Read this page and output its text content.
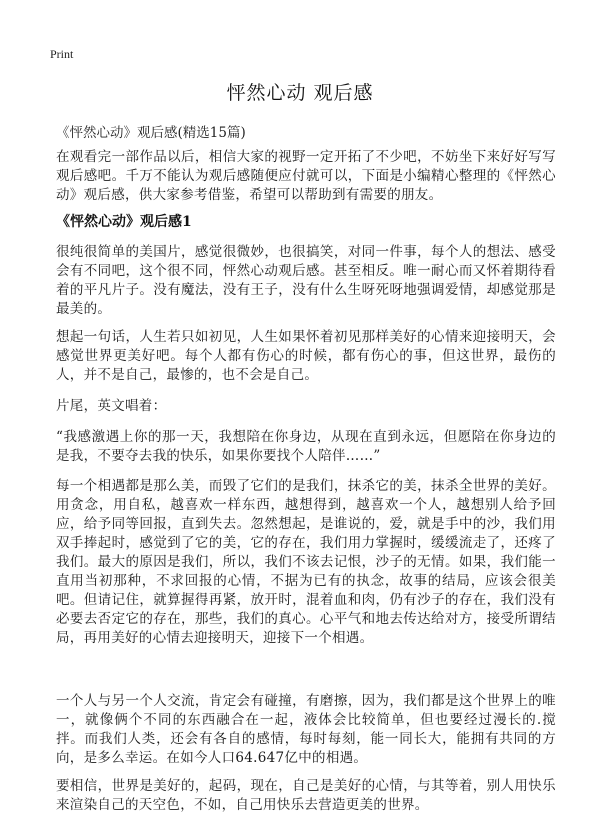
Print
怦然心动 观后感
《怦然心动》观后感(精选15篇)
在观看完一部作品以后，相信大家的视野一定开拓了不少吧，不妨坐下来好好写写观后感吧。千万不能认为观后感随便应付就可以，下面是小编精心整理的《怦然心动》观后感，供大家参考借鉴，希望可以帮助到有需要的朋友。
《怦然心动》观后感1
很纯很简单的美国片，感觉很微妙，也很搞笑，对同一件事，每个人的想法、感受会有不同吧，这个很不同，怦然心动观后感。甚至相反。唯一耐心而又怀着期待看着的平凡片子。没有魔法，没有王子，没有什么生呀死呀地强调爱情，却感觉那是最美的。
想起一句话，人生若只如初见，人生如果怀着初见那样美好的心情来迎接明天，会感觉世界更美好吧。每个人都有伤心的时候，都有伤心的事，但这世界，最伤的人，并不是自己，最惨的，也不会是自己。
片尾，英文唱着：
“我感激遇上你的那一天，我想陪在你身边，从现在直到永远，但愿陪在你身边的是我，不要夺去我的快乐，如果你要找个人陪伴……”
每一个相遇都是那么美，而毁了它们的是我们，抹杀它的美，抹杀全世界的美好。用贪念，用自私，越喜欢一样东西，越想得到，越喜欢一个人，越想别人给予回应，给予同等回报，直到失去。忽然想起，是谁说的，爱，就是手中的沙，我们用双手捧起时，感觉到了它的美，它的存在，我们用力掌握时，缓缓流走了，还疼了我们。最大的原因是我们，所以，我们不该去记恨，沙子的无情。如果，我们能一直用当初那种，不求回报的心情，不据为已有的执念，故事的结局，应该会很美吧。但请记住，就算握得再紧，放开时，混着血和肉，仍有沙子的存在，我们没有必要去否定它的存在，那些，我们的真心。心平气和地去传达给对方，接受所谓结局，再用美好的心情去迎接明天，迎接下一个相遇。
一个人与另一个人交流，肯定会有碰撞，有磨擦，因为，我们都是这个世界上的唯一，就像俩个不同的东西融合在一起，液体会比较简单，但也要经过漫长的.搅拌。而我们人类，还会有各自的感情，每时每刻，能一同长大，能拥有共同的方向，是多么幸运。在如今人口64.647亿中的相遇。
要相信，世界是美好的，起码，现在，自己是美好的心情，与其等着，别人用快乐来渲染自己的天空色，不如，自己用快乐去营造更美的世界。
